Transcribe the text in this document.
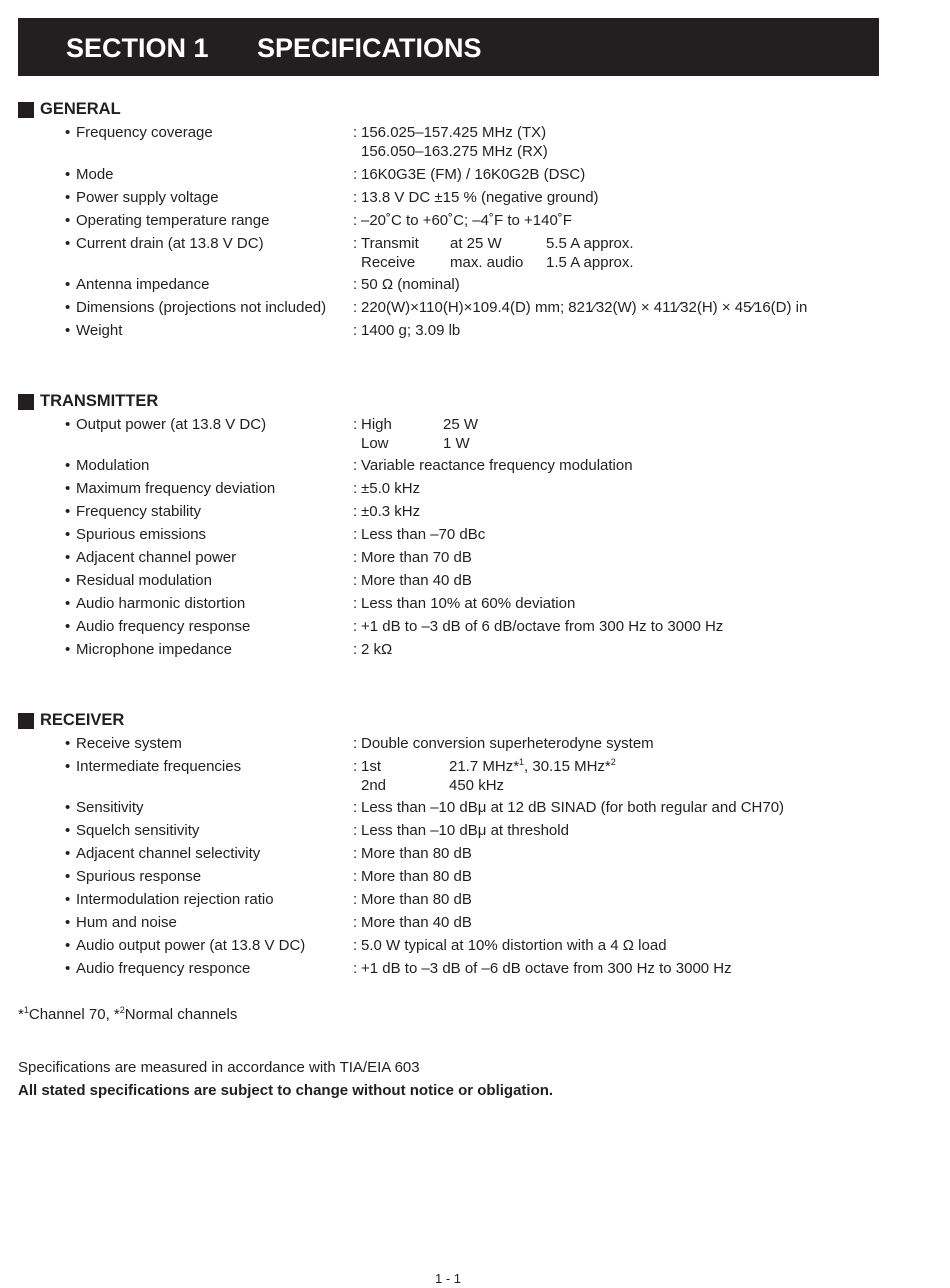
SECTION 1 SPECIFICATIONS
GENERAL
• Frequency coverage	: 156.025–157.425 MHz (TX)
156.050–163.275 MHz (RX)
• Mode	: 16K0G3E (FM) / 16K0G2B (DSC)
• Power supply voltage	: 13.8 V DC ±15 % (negative ground)
• Operating temperature range	: –20˚C to +60˚C; –4˚F to +140˚F
• Current drain (at 13.8 V DC)	: Transmit at 25 W	5.5 A approx.
Receive max. audio 1.5 A approx.
• Antenna impedance	: 50 Ω (nominal)
• Dimensions (projections not included) : 220(W)×110(H)×109.4(D) mm; 821⁄32(W) × 411⁄32(H) × 45⁄16(D) in
• Weight	: 1400 g; 3.09 lb
TRANSMITTER
• Output power (at 13.8 V DC)	: High	25 W
Low	1 W
• Modulation	: Variable reactance frequency modulation
• Maximum frequency deviation	: ±5.0 kHz
• Frequency stability	: ±0.3 kHz
• Spurious emissions	: Less than –70 dBc
• Adjacent channel power	: More than 70 dB
• Residual modulation	: More than 40 dB
• Audio harmonic distortion	: Less than 10% at 60% deviation
• Audio frequency response	: +1 dB to –3 dB of 6 dB/octave from 300 Hz to 3000 Hz
• Microphone impedance	: 2 kΩ
RECEIVER
• Receive system	: Double conversion superheterodyne system
• Intermediate frequencies	: 1st	21.7 MHz*$^1$, 30.15 MHz*$^2$
2nd	450 kHz
• Sensitivity	: Less than –10 dBμ at 12 dB SINAD (for both regular and CH70)
• Squelch sensitivity	: Less than –10 dBμ at threshold
• Adjacent channel selectivity	: More than 80 dB
• Spurious response	: More than 80 dB
• Intermodulation rejection ratio	: More than 80 dB
• Hum and noise	: More than 40 dB
• Audio output power (at 13.8 V DC)	: 5.0 W typical at 10% distortion with a 4 Ω load
• Audio frequency responce	: +1 dB to –3 dB of –6 dB octave from 300 Hz to 3000 Hz
*$^1$Channel 70, *$^2$Normal channels
Specifications are measured in accordance with TIA/EIA 603
All stated specifications are subject to change without notice or obligation.
1 - 1
